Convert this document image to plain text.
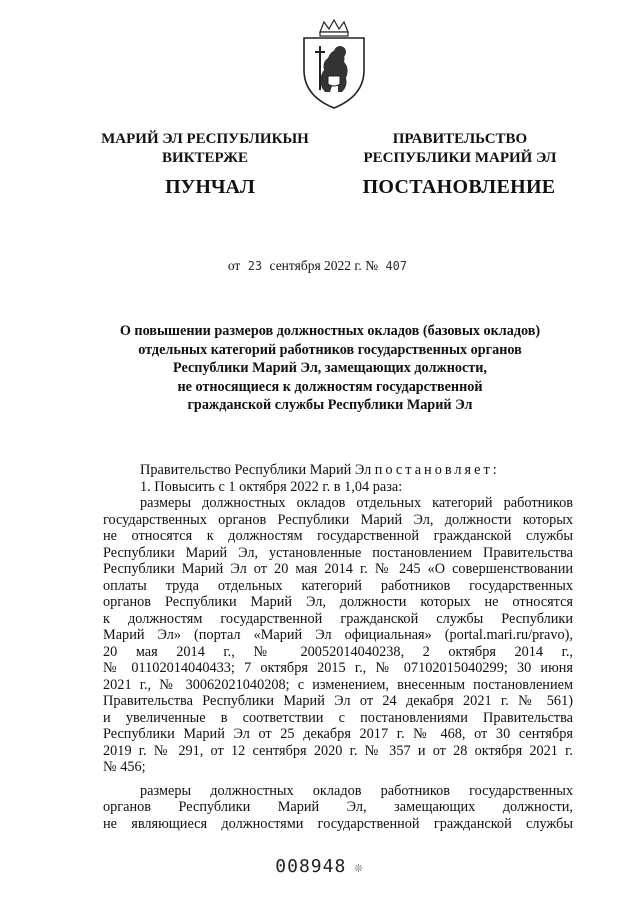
МАРИЙ ЭЛ РЕСПУБЛИКЫН
ВИКТЕРЖЕ
ПРАВИТЕЛЬСТВО
РЕСПУБЛИКИ МАРИЙ ЭЛ
ПУНЧАЛ	ПОСТАНОВЛЕНИЕ
от 23 сентября 2022 г. № 407
О повышении размеров должностных окладов (базовых окладов)
отдельных категорий работников государственных органов
Республики Марий Эл, замещающих должности,
не относящиеся к должностям государственной
гражданской службы Республики Марий Эл

Правительство Республики Марий Эл постановляет:

1. Повысить с 1 октября 2022 г. в 1,04 раза:

размеры должностных окладов отдельных категорий работников

государственных органов Республики Марий Эл, должности которых

не относятся к должностям государственной гражданской службы

Республики Марий Эл, установленные постановлением Правительства

Республики Марий Эл от 20 мая 2014 г. № 245 «О совершенствовании

оплаты труда отдельных категорий работников государственных

органов Республики Марий Эл, должности которых не относятся

к должностям государственной гражданской службы Республики

Марий Эл» (портал «Марий Эл официальная» (portal.mari.ru/pravo),

20 мая 2014 г., № 20052014040238, 2 октября 2014 г.,

№ 01102014040433; 7 октября 2015 г., № 07102015040299; 30 июня

2021 г., № 30062021040208; с изменением, внесенным постановлением

Правительства Республики Марий Эл от 24 декабря 2021 г. № 561)

и увеличенные в соответствии с постановлениями Правительства

Республики Марий Эл от 25 декабря 2017 г. № 468, от 30 сентября

2019 г. № 291, от 12 сентября 2020 г. № 357 и от 28 октября 2021 г.

№ 456;

размеры должностных окладов работников государственных

органов Республики Марий Эл, замещающих должности,

не являющиеся должностями государственной гражданской службы

008948 ❊
